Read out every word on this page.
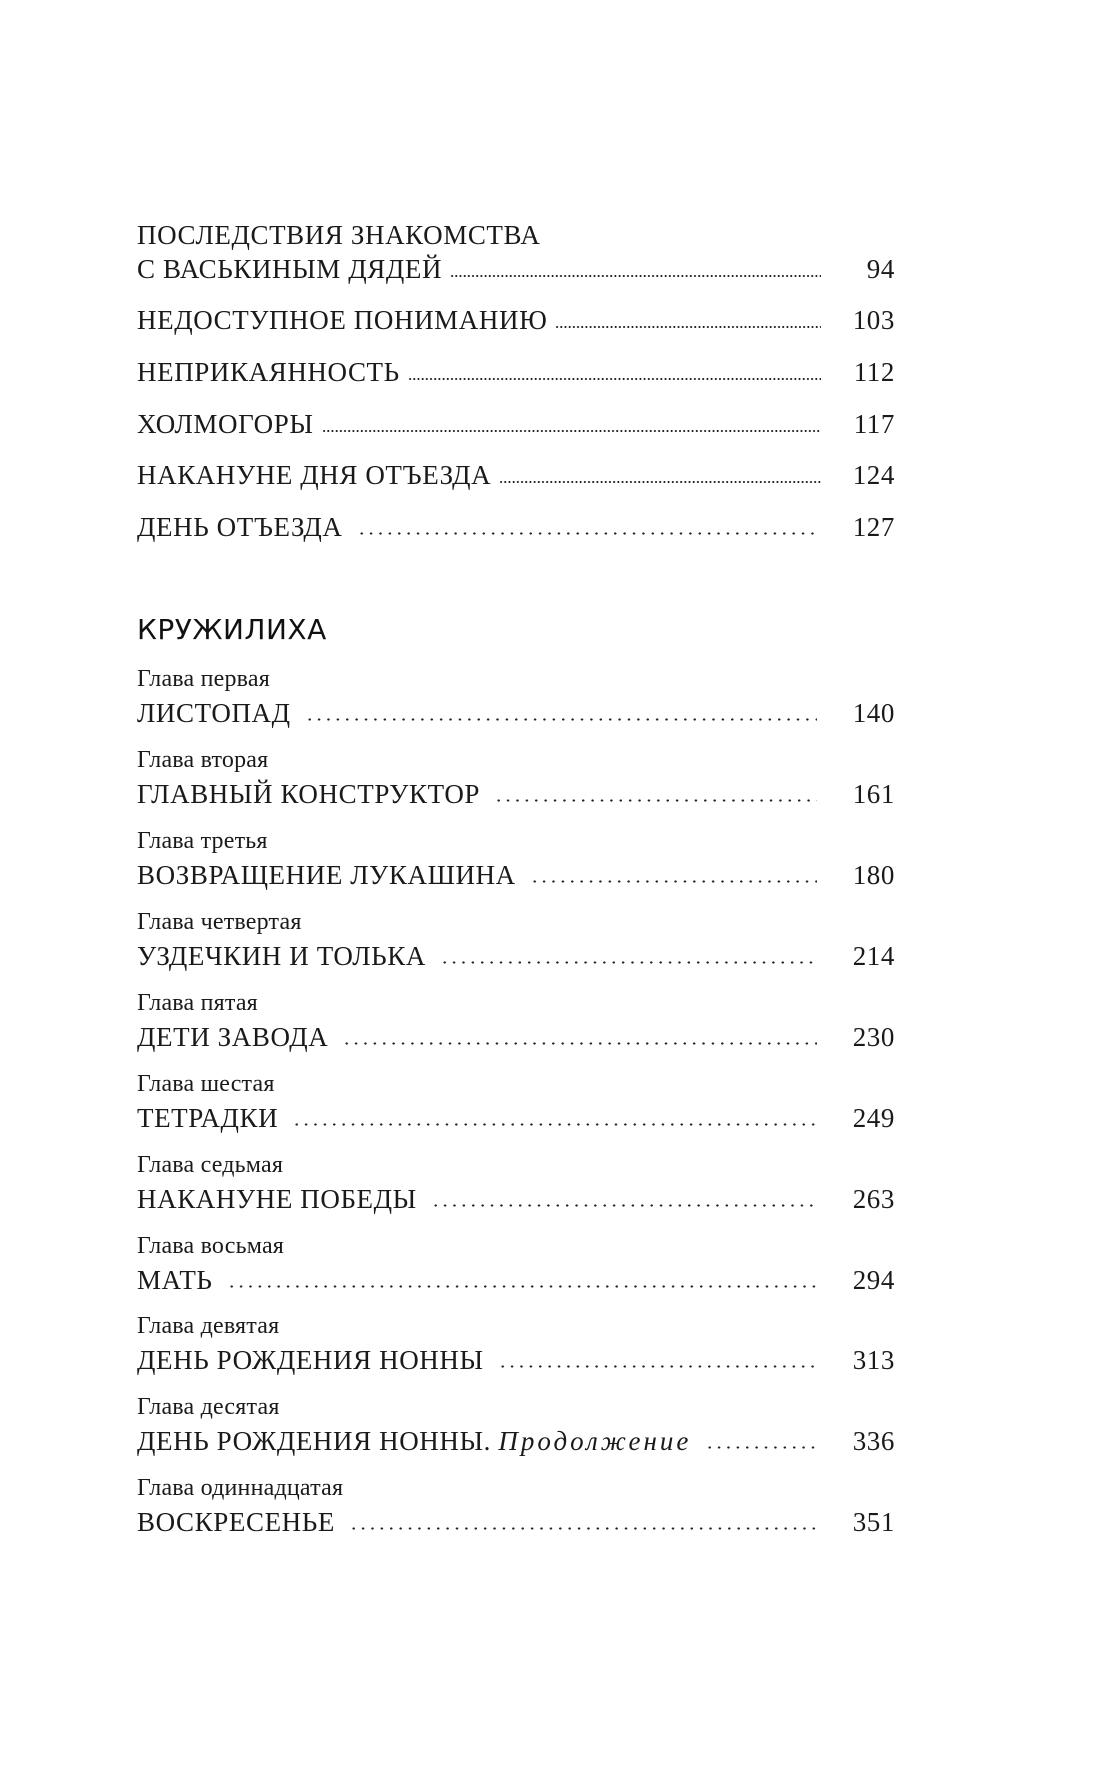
ПОСЛЕДСТВИЯ ЗНАКОМСТВА
С ВАСЬКИНЫМ ДЯДЕЙ	94
НЕДОСТУПНОЕ ПОНИМАНИЮ	103
НЕПРИКАЯННОСТЬ	112
ХОЛМОГОРЫ	117
НАКАНУНЕ ДНЯ ОТЪЕЗДА	124
ДЕНЬ ОТЪЕЗДА	127
КРУЖИЛИХА
Глава первая
ЛИСТОПАД	140
Глава вторая
ГЛАВНЫЙ КОНСТРУКТОР	161
Глава третья
ВОЗВРАЩЕНИЕ ЛУКАШИНА	180
Глава четвертая
УЗДЕЧКИН И ТОЛЬКА	214
Глава пятая
ДЕТИ ЗАВОДА	230
Глава шестая
ТЕТРАДКИ	249
Глава седьмая
НАКАНУНЕ ПОБЕДЫ	263
Глава восьмая
МАТЬ	294
Глава девятая
ДЕНЬ РОЖДЕНИЯ НОННЫ	313
Глава десятая
ДЕНЬ РОЖДЕНИЯ НОННЫ. Продолжение	336
Глава одиннадцатая
ВОСКРЕСЕНЬЕ	351
